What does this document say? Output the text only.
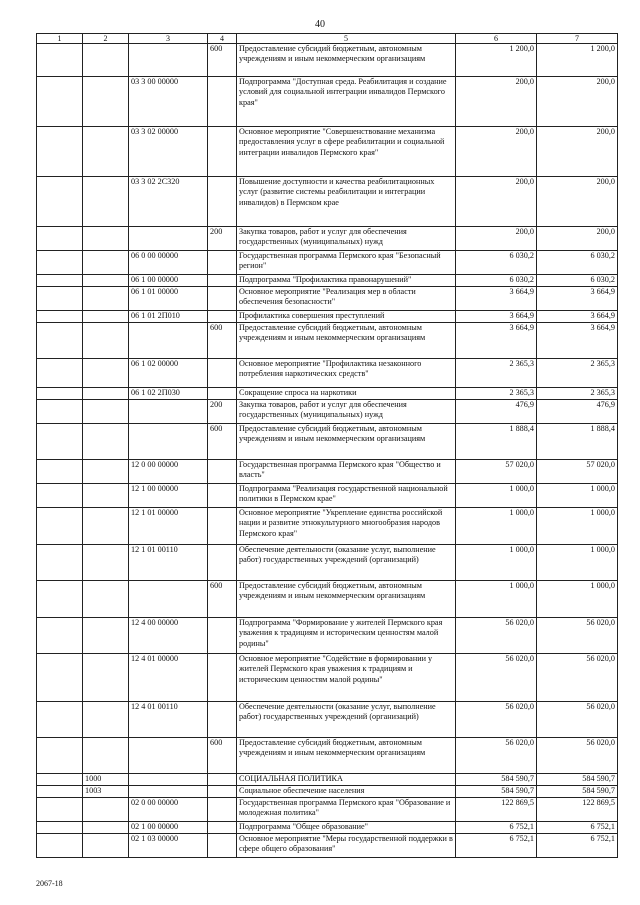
40
1	2	3	4	5	6	7
			600	Предоставление субсидий бюджетным, автономным учреждениям и иным некоммерческим организациям	1 200,0	1 200,0
		03 3 00 00000		Подпрограмма "Доступная среда. Реабилитация и создание условий для социальной интеграции инвалидов Пермского края"	200,0	200,0
		03 3 02 00000		Основное мероприятие "Совершенствование механизма предоставления услуг в сфере реабилитации и социальной интеграции инвалидов Пермского края"	200,0	200,0
		03 3 02 2С320		Повышение доступности и качества реабилитационных услуг (развитие системы реабилитации и интеграции инвалидов) в Пермском крае	200,0	200,0
			200	Закупка товаров, работ и услуг для обеспечения государственных (муниципальных) нужд	200,0	200,0
		06 0 00 00000		Государственная программа Пермского края "Безопасный регион"	6 030,2	6 030,2
		06 1 00 00000		Подпрограмма "Профилактика правонарушений"	6 030,2	6 030,2
		06 1 01 00000		Основное мероприятие "Реализация мер в области обеспечения безопасности"	3 664,9	3 664,9
		06 1 01 2П010		Профилактика совершения преступлений	3 664,9	3 664,9
			600	Предоставление субсидий бюджетным, автономным учреждениям и иным некоммерческим организациям	3 664,9	3 664,9
		06 1 02 00000		Основное мероприятие "Профилактика незаконного потребления наркотических средств"	2 365,3	2 365,3
		06 1 02 2П030		Сокращение спроса на наркотики	2 365,3	2 365,3
			200	Закупка товаров, работ и услуг для обеспечения государственных (муниципальных) нужд	476,9	476,9
			600	Предоставление субсидий бюджетным, автономным учреждениям и иным некоммерческим организациям	1 888,4	1 888,4
		12 0 00 00000		Государственная программа Пермского края "Общество и власть"	57 020,0	57 020,0
		12 1 00 00000		Подпрограмма "Реализация государственной национальной политики в Пермском крае"	1 000,0	1 000,0
		12 1 01 00000		Основное мероприятие "Укрепление единства российской нации и развитие этнокультурного многообразия народов Пермского края"	1 000,0	1 000,0
		12 1 01 00110		Обеспечение деятельности (оказание услуг, выполнение работ) государственных учреждений (организаций)	1 000,0	1 000,0
			600	Предоставление субсидий бюджетным, автономным учреждениям и иным некоммерческим организациям	1 000,0	1 000,0
		12 4 00 00000		Подпрограмма "Формирование у жителей Пермского края уважения к традициям и историческим ценностям малой родины"	56 020,0	56 020,0
		12 4 01 00000		Основное мероприятие "Содействие в формировании у жителей Пермского края уважения к традициям и историческим ценностям малой родины"	56 020,0	56 020,0
		12 4 01 00110		Обеспечение деятельности (оказание услуг, выполнение работ) государственных учреждений (организаций)	56 020,0	56 020,0
			600	Предоставление субсидий бюджетным, автономным учреждениям и иным некоммерческим организациям	56 020,0	56 020,0
	1000			СОЦИАЛЬНАЯ ПОЛИТИКА	584 590,7	584 590,7
	1003			Социальное обеспечение населения	584 590,7	584 590,7
		02 0 00 00000		Государственная программа Пермского края "Образование и молодежная политика"	122 869,5	122 869,5
		02 1 00 00000		Подпрограмма "Общее образование"	6 752,1	6 752,1
		02 1 03 00000		Основное мероприятие "Меры государственной поддержки в сфере общего образования"	6 752,1	6 752,1
2067-18
